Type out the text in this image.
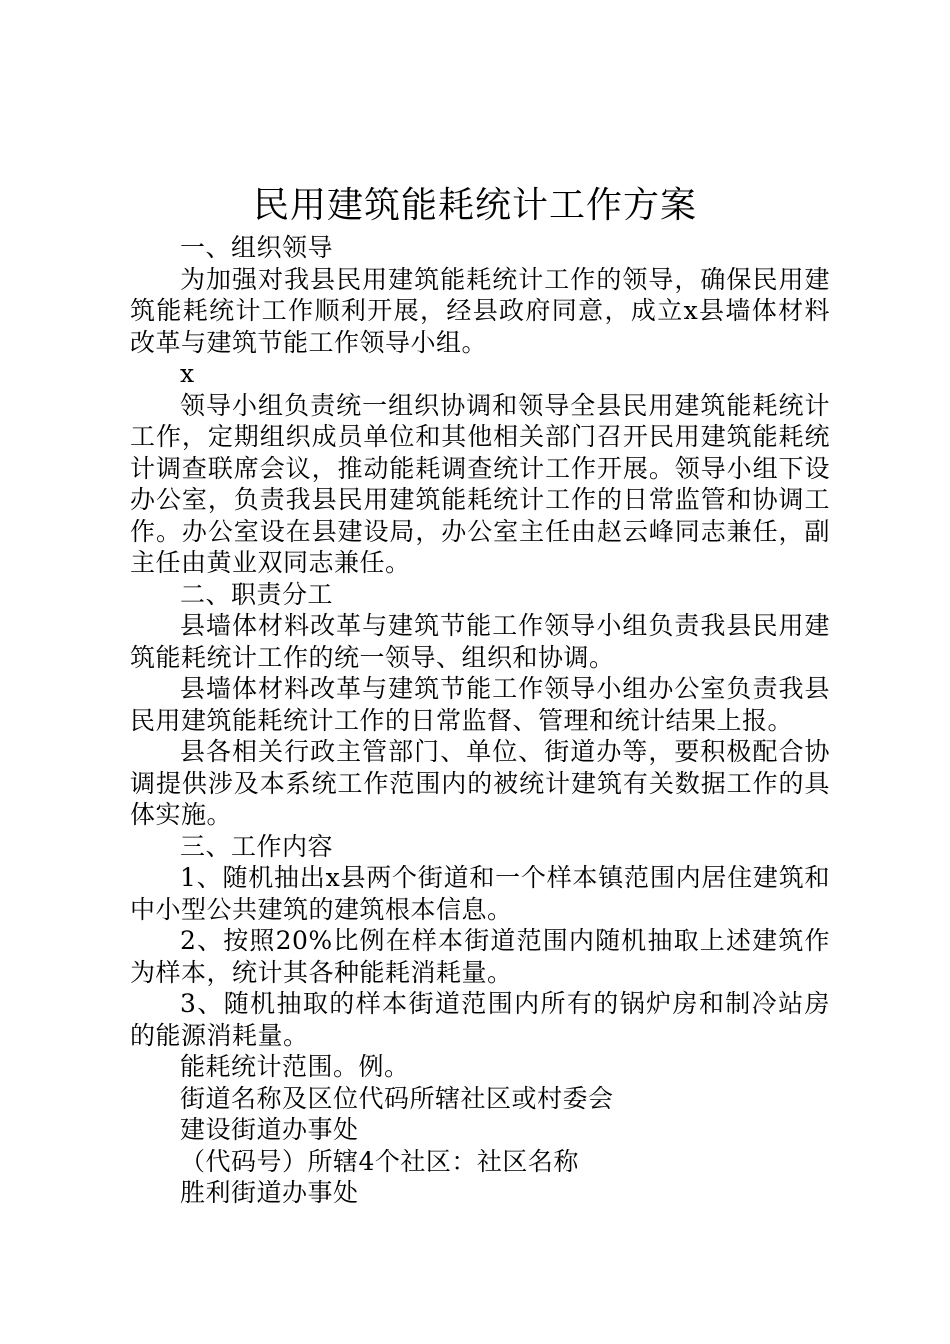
民用建筑能耗统计工作方案

一、组织领导

为加强对我县民用建筑能耗统计工作的领导，确保民用建筑能耗统计工作顺利开展，经县政府同意，成立x县墙体材料改革与建筑节能工作领导小组。

x

领导小组负责统一组织协调和领导全县民用建筑能耗统计工作，定期组织成员单位和其他相关部门召开民用建筑能耗统计调查联席会议，推动能耗调查统计工作开展。领导小组下设办公室，负责我县民用建筑能耗统计工作的日常监管和协调工作。办公室设在县建设局，办公室主任由赵云峰同志兼任，副主任由黄业双同志兼任。

二、职责分工

县墙体材料改革与建筑节能工作领导小组负责我县民用建筑能耗统计工作的统一领导、组织和协调。

县墙体材料改革与建筑节能工作领导小组办公室负责我县民用建筑能耗统计工作的日常监督、管理和统计结果上报。

县各相关行政主管部门、单位、街道办等，要积极配合协调提供涉及本系统工作范围内的被统计建筑有关数据工作的具体实施。

三、工作内容

1、随机抽出x县两个街道和一个样本镇范围内居住建筑和中小型公共建筑的建筑根本信息。

2、按照20%比例在样本街道范围内随机抽取上述建筑作为样本，统计其各种能耗消耗量。

3、随机抽取的样本街道范围内所有的锅炉房和制冷站房的能源消耗量。

能耗统计范围。例。

街道名称及区位代码所辖社区或村委会

建设街道办事处

（代码号）所辖4个社区：社区名称

胜利街道办事处
